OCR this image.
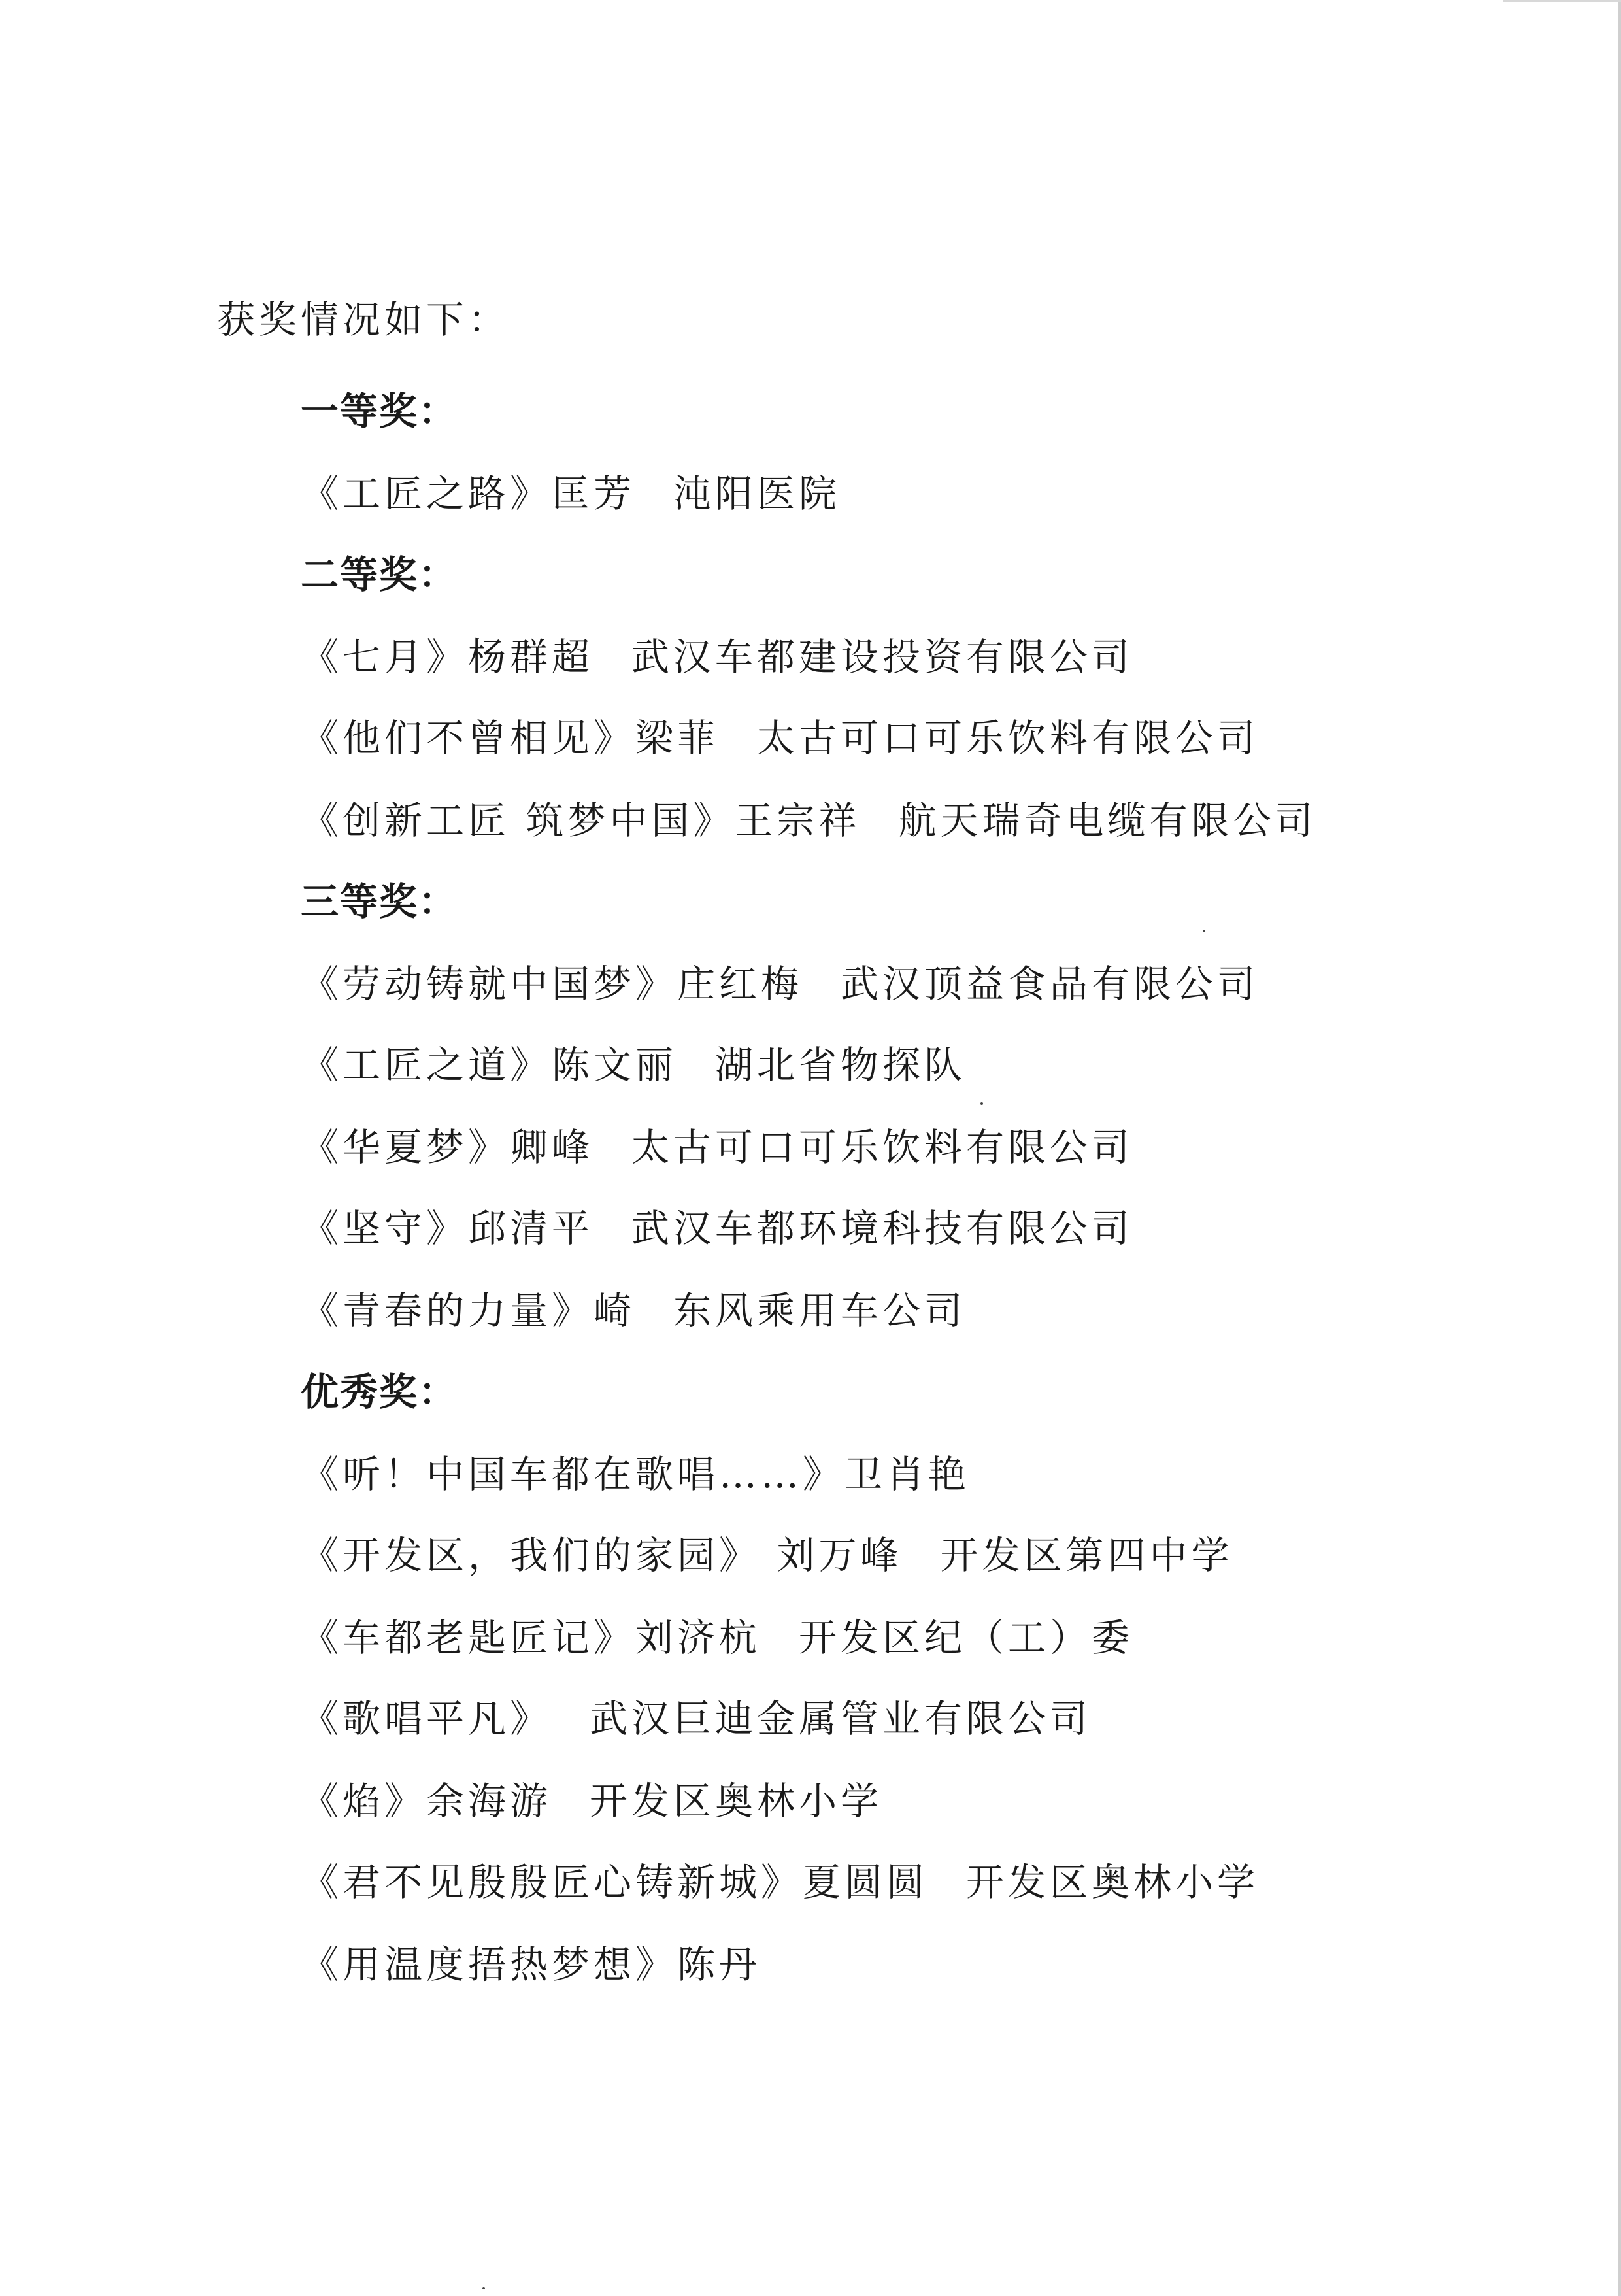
获奖情况如下：
一等奖：
《工匠之路》匡芳 沌阳医院
二等奖：
《七月》杨群超 武汉车都建设投资有限公司
《他们不曾相见》梁菲 太古可口可乐饮料有限公司
《创新工匠 筑梦中国》王宗祥 航天瑞奇电缆有限公司
三等奖：
《劳动铸就中国梦》庄红梅 武汉顶益食品有限公司
《工匠之道》陈文丽 湖北省物探队
《华夏梦》卿峰 太古可口可乐饮料有限公司
《坚守》邱清平 武汉车都环境科技有限公司
《青春的力量》崎 东风乘用车公司
优秀奖：
《听！中国车都在歌唱……》卫肖艳
《开发区，我们的家园》 刘万峰 开发区第四中学
《车都老匙匠记》刘济杭 开发区纪（工）委
《歌唱平凡》 武汉巨迪金属管业有限公司
《焰》余海游 开发区奥林小学
《君不见殷殷匠心铸新城》夏圆圆 开发区奥林小学
《用温度捂热梦想》陈丹
